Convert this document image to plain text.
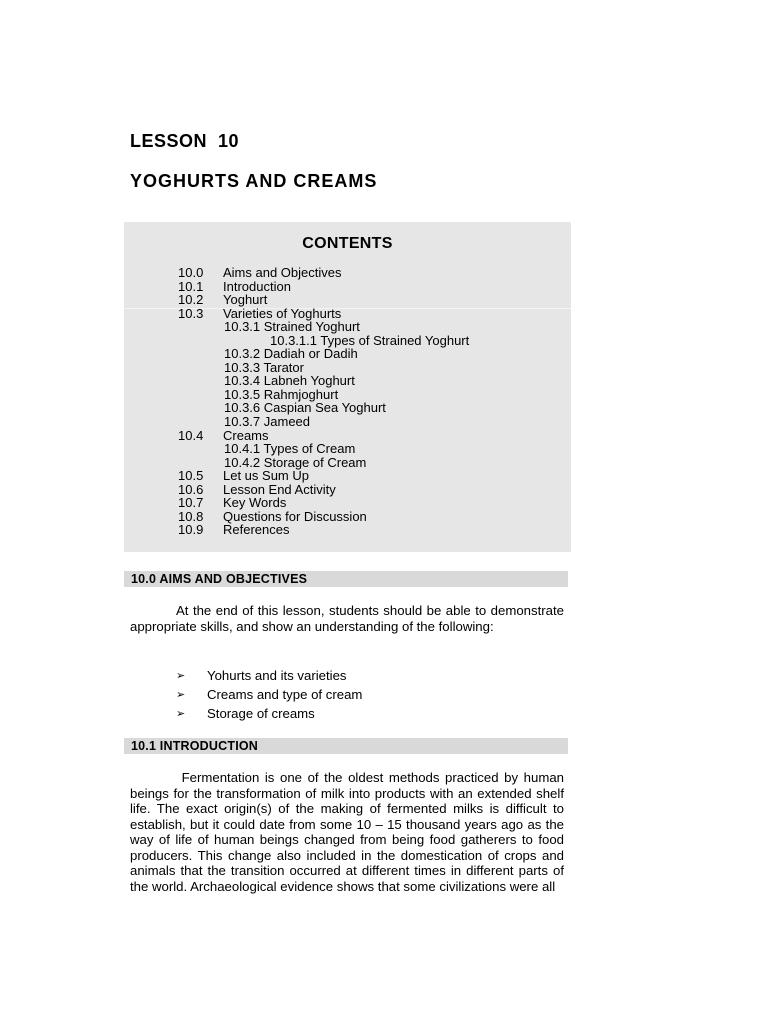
LESSON  10
YOGHURTS AND CREAMS
CONTENTS
10.0 Aims and Objectives
10.1 Introduction
10.2 Yoghurt
10.3 Varieties of Yoghurts
10.3.1 Strained Yoghurt
10.3.1.1 Types of Strained Yoghurt
10.3.2 Dadiah or Dadih
10.3.3 Tarator
10.3.4 Labneh Yoghurt
10.3.5 Rahmjoghurt
10.3.6 Caspian Sea Yoghurt
10.3.7 Jameed
10.4 Creams
10.4.1 Types of Cream
10.4.2 Storage of Cream
10.5 Let us Sum Up
10.6 Lesson End Activity
10.7 Key Words
10.8 Questions for Discussion
10.9 References
10.0 AIMS AND OBJECTIVES
At the end of this lesson, students should be able to demonstrate appropriate skills, and show an understanding of the following:
➢ Yohurts and its varieties
➢ Creams and type of cream
➢ Storage of creams
10.1 INTRODUCTION
Fermentation is one of the oldest methods practiced by human beings for the transformation of milk into products with an extended shelf life. The exact origin(s) of the making of fermented milks is difficult to establish, but it could date from some 10 – 15 thousand years ago as the way of life of human beings changed from being food gatherers to food producers. This change also included in the domestication of crops and animals that the transition occurred at different times in different parts of the world. Archaeological evidence shows that some civilizations were all
